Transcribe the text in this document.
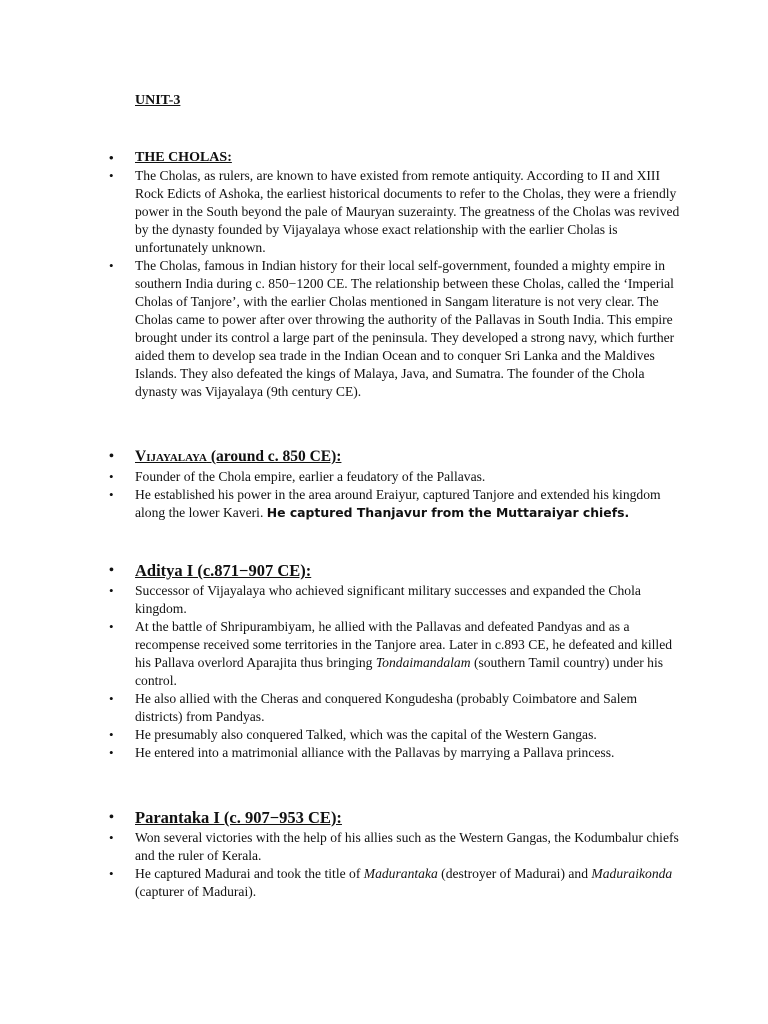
UNIT-3
• THE CHOLAS:
• The Cholas, as rulers, are known to have existed from remote antiquity. According to II and XIII Rock Edicts of Ashoka, the earliest historical documents to refer to the Cholas, they were a friendly power in the South beyond the pale of Mauryan suzerainty. The greatness of the Cholas was revived by the dynasty founded by Vijayalaya whose exact relationship with the earlier Cholas is unfortunately unknown.
• The Cholas, famous in Indian history for their local self-government, founded a mighty empire in southern India during c. 850−1200 CE. The relationship between these Cholas, called the ‘Imperial Cholas of Tanjore’, with the earlier Cholas mentioned in Sangam literature is not very clear. The Cholas came to power after over throwing the authority of the Pallavas in South India. This empire brought under its control a large part of the peninsula. They developed a strong navy, which further aided them to develop sea trade in the Indian Ocean and to conquer Sri Lanka and the Maldives Islands. They also defeated the kings of Malaya, Java, and Sumatra. The founder of the Chola dynasty was Vijayalaya (9th century CE).
• Vijayalaya (around c. 850 CE):
• Founder of the Chola empire, earlier a feudatory of the Pallavas.
• He established his power in the area around Eraiyur, captured Tanjore and extended his kingdom along the lower Kaveri. He captured Thanjavur from the Muttaraiyar chiefs.
• Aditya I (c.871−907 CE):
• Successor of Vijayalaya who achieved significant military successes and expanded the Chola kingdom.
• At the battle of Shripurambiyam, he allied with the Pallavas and defeated Pandyas and as a recompense received some territories in the Tanjore area. Later in c.893 CE, he defeated and killed his Pallava overlord Aparajita thus bringing Tondaimandalam (southern Tamil country) under his control.
• He also allied with the Cheras and conquered Kongudesha (probably Coimbatore and Salem districts) from Pandyas.
• He presumably also conquered Talked, which was the capital of the Western Gangas.
• He entered into a matrimonial alliance with the Pallavas by marrying a Pallava princess.
• Parantaka I (c. 907−953 CE):
• Won several victories with the help of his allies such as the Western Gangas, the Kodumbalur chiefs and the ruler of Kerala.
• He captured Madurai and took the title of Madurantaka (destroyer of Madurai) and Maduraikonda (capturer of Madurai).
